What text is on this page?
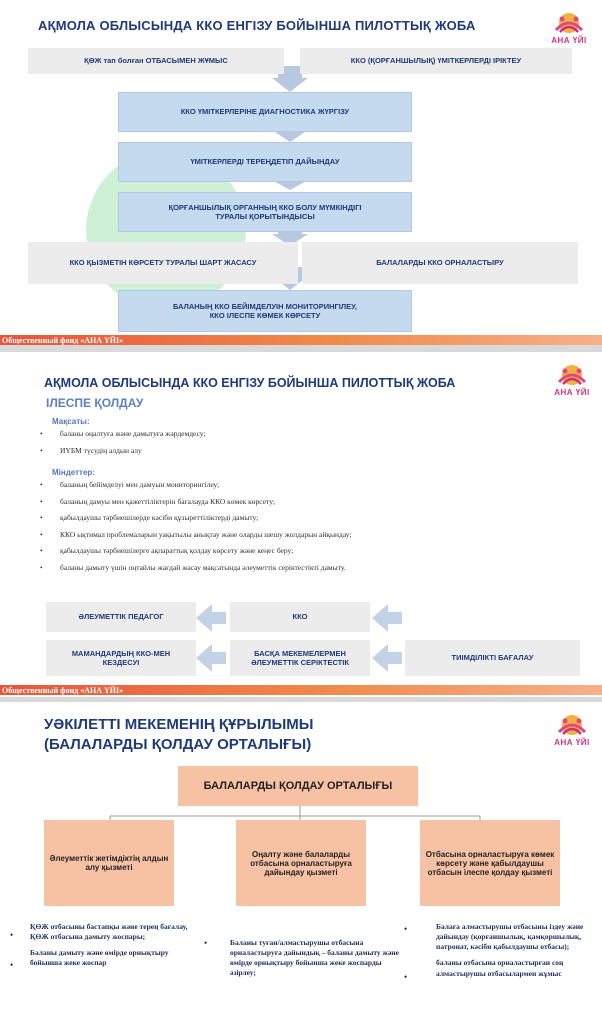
АҚМОЛА ОБЛЫСЫНДА ККО ЕНГІЗУ БОЙЫНША ПИЛОТТЫҚ ЖОБА
АНА ҮЙІ
ҚӨЖ тап болған ОТБАСЫМЕН ЖҰМЫС	ККО (ҚОРҒАНШЫЛЫҚ) ҮМІТКЕРЛЕРДІ ІРІКТЕУ
ККО ҮМІТКЕРЛЕРІНЕ ДИАГНОСТИКА ЖҮРГІЗУ
ҮМІТКЕРЛЕРДІ ТЕРЕҢДЕТІП ДАЙЫНДАУ
ҚОРҒАНШЫЛЫҚ ОРГАННЫҢ ККО БОЛУ МҮМКІНДІГІ ТУРАЛЫ ҚОРЫТЫНДЫСЫ
ККО ҚЫЗМЕТІН КӨРСЕТУ ТУРАЛЫ ШАРТ ЖАСАСУ	БАЛАЛАРДЫ ККО ОРНАЛАСТЫРУ
БАЛАНЫҢ ККО БЕЙІМДЕЛУІН МОНИТОРИНГІЛЕУ, ККО ІЛЕСПЕ КӨМЕК КӨРСЕТУ
Общественный фонд «АНА ҮЙІ»
АҚМОЛА ОБЛЫСЫНДА ККО ЕНГІЗУ БОЙЫНША ПИЛОТТЫҚ ЖОБА
ІЛЕСПЕ ҚОЛДАУ
АНА ҮЙІ
Мақсаты:
• баланы оңалтуға және дамытуға жәрдемдесу;
• ИҮБМ түсудің алдын алу
Міндеттер:
• баланың бейімделуі мен дамуын мониторингілеу;
• баланың дамуы мен қажеттіліктерін бағалауда ККО көмек көрсету;
• қабылдаушы тәрбиешілерде кәсіби құзыреттіліктерді дамыту;
• ККО ықтимал проблемаларын уақытылы анықтау және оларды шешу жолдарын айқындау;
• қабылдаушы тәрбиешілерге ақпараттық қолдау көрсету және кеңес беру;
• баланы дамыту үшін оңтайлы жағдай жасау мақсатында әлеуметтік серіктестікті дамыту.
ӘЛЕУМЕТТІК ПЕДАГОГ	ККО
МАМАНДАРДЫҢ ККО-МЕН КЕЗДЕСУІ
БАСҚА МЕКЕМЕЛЕРМЕН ӘЛЕУМЕТТІК СЕРІКТЕСТІК
ТИІМДІЛІКТІ БАҒАЛАУ
Общественный фонд «АНА ҮЙІ»
УӘКІЛЕТТІ МЕКЕМЕНІҢ ҚҰРЫЛЫМЫ
(БАЛАЛАРДЫ ҚОЛДАУ ОРТАЛЫҒЫ)	АНА ҮЙІ
БАЛАЛАРДЫ ҚОЛДАУ ОРТАЛЫҒЫ
Әлеуметтік жетімдіктің алдын алу қызметі
Оңалту және балаларды отбасына орналастыруға дайындау қызметі
Отбасына орналастыруға көмек көрсету және қабылдаушы отбасын ілеспе қолдау қызметі
•
•

ҚӨЖ отбасыны бастапқы және терең бағалау, ҚӨЖ отбасына дамыту жоспары;

Баланы дамыту және өмірде орнықтыру бойынша жеке жоспар

•	Баланы туған/алмастырушы отбасына орналастыруға дайындық – баланы дамыту және өмірде орнықтыру бойынша жеке жоспарды әзірлеу;

•
•

Балаға алмастырушы отбасыны іздеу және дайындау (қорғаншылық, қамқоршылық, патронат, кәсіби қабылдаушы отбасы);

баланы отбасына орналастырған соң алмастырушы отбасылармен жұмыс
